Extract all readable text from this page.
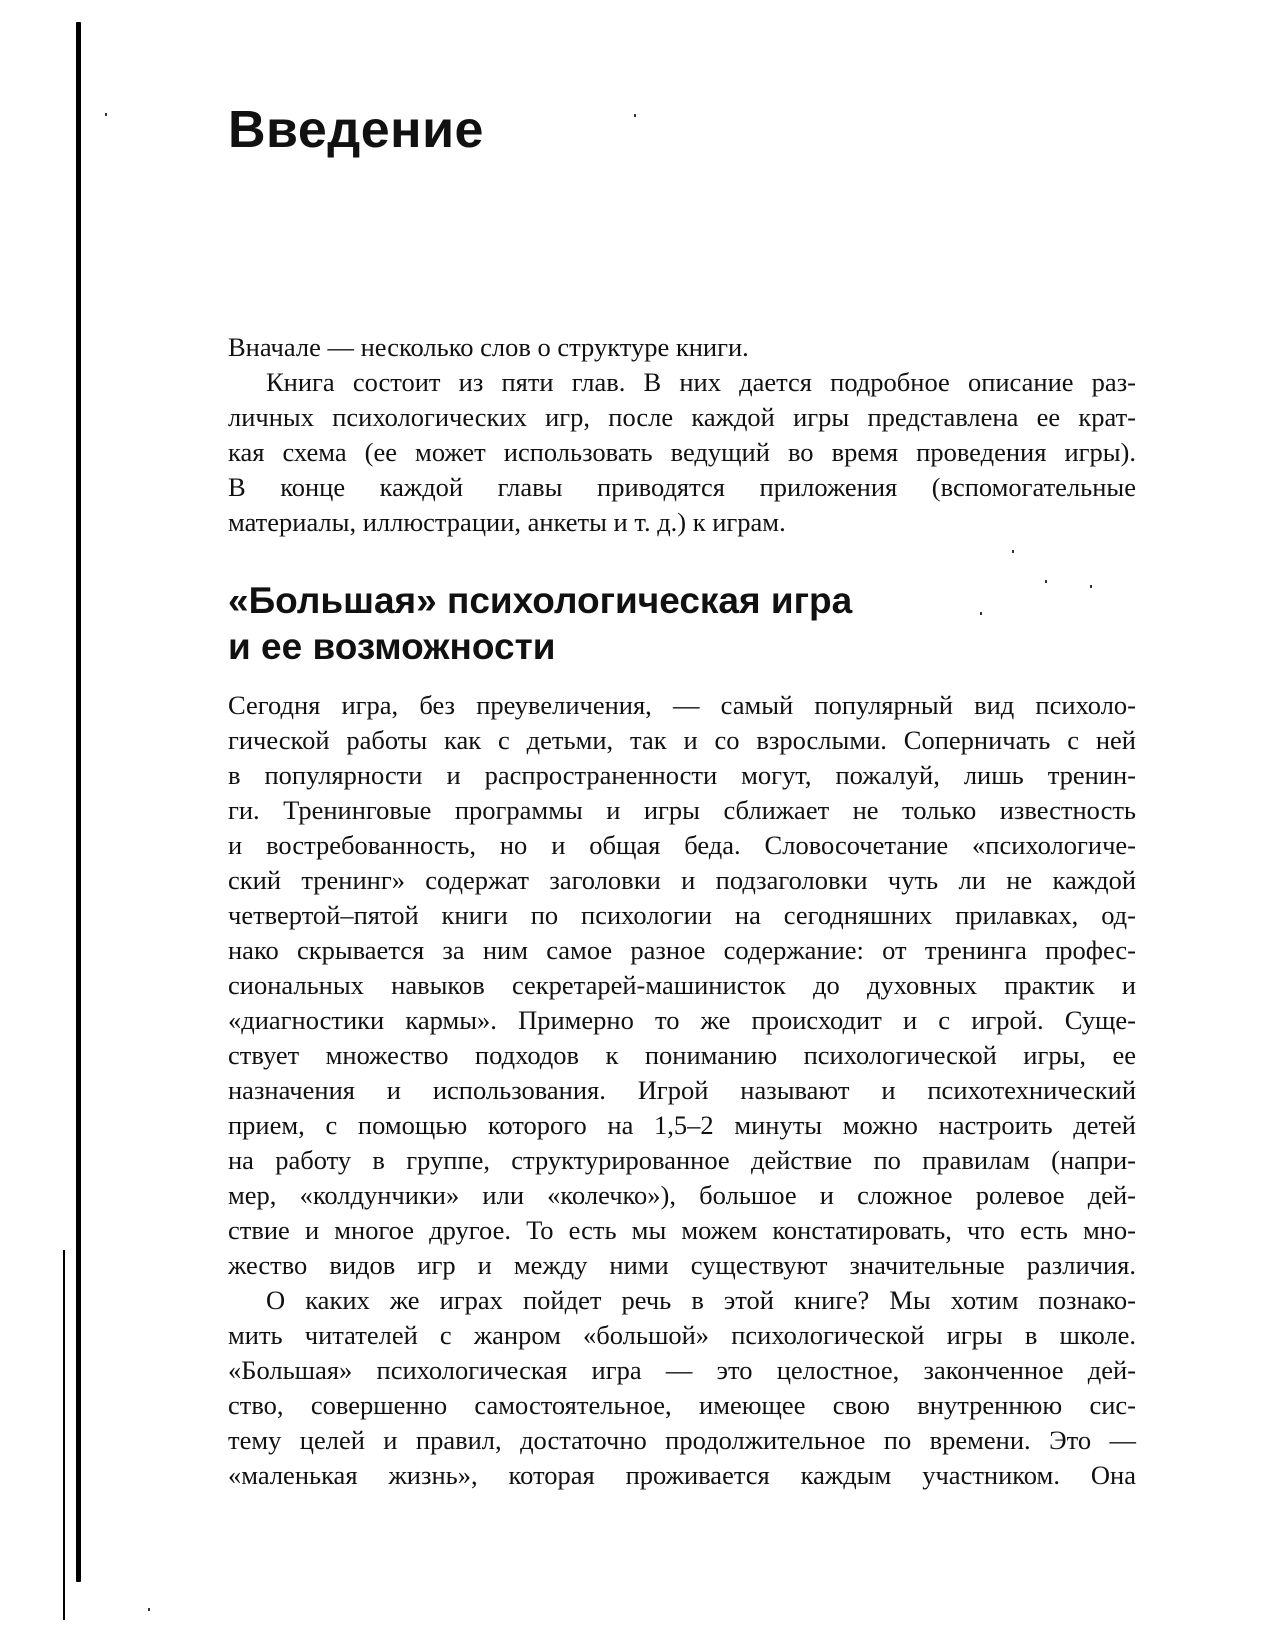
Введение

Вначале — несколько слов о структуре книги.

Книга состоит из пяти глав. В них дается подробное описание раз-
личных психологических игр, после каждой игры представлена ее крат-
кая схема (ее может использовать ведущий во время проведения игры).
В конце каждой главы приводятся приложения (вспомогательные
материалы, иллюстрации, анкеты и т. д.) к играм.

«Большая» психологическая игра
и ее возможности

Сегодня игра, без преувеличения, — самый популярный вид психоло-
гической работы как с детьми, так и со взрослыми. Соперничать с ней
в популярности и распространенности могут, пожалуй, лишь тренин-
ги. Тренинговые программы и игры сближает не только известность
и востребованность, но и общая беда. Словосочетание «психологиче-
ский тренинг» содержат заголовки и подзаголовки чуть ли не каждой
четвертой–пятой книги по психологии на сегодняшних прилавках, од-
нако скрывается за ним самое разное содержание: от тренинга профес-
сиональных навыков секретарей-машинисток до духовных практик и
«диагностики кармы». Примерно то же происходит и с игрой. Суще-
ствует множество подходов к пониманию психологической игры, ее
назначения и использования. Игрой называют и психотехнический
прием, с помощью которого на 1,5–2 минуты можно настроить детей
на работу в группе, структурированное действие по правилам (напри-
мер, «колдунчики» или «колечко»), большое и сложное ролевое дей-
ствие и многое другое. То есть мы можем констатировать, что есть мно-
жество видов игр и между ними существуют значительные различия.

О каких же играх пойдет речь в этой книге? Мы хотим познако-
мить читателей с жанром «большой» психологической игры в школе.
«Большая» психологическая игра — это целостное, законченное дей-
ство, совершенно самостоятельное, имеющее свою внутреннюю сис-
тему целей и правил, достаточно продолжительное по времени. Это —
«маленькая жизнь», которая проживается каждым участником. Она
